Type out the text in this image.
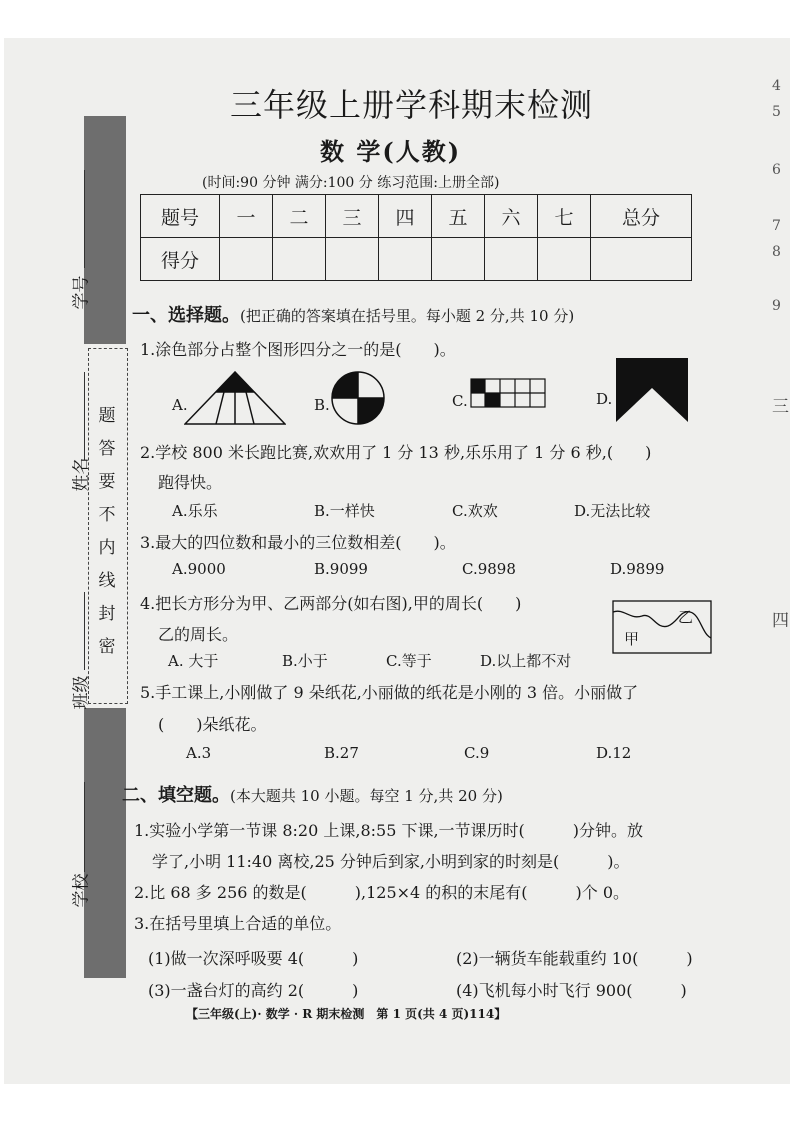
4
5
6
7
8
9
三
四
题
答
要
不
内
线
封
密
学号
姓名
班级
学校
三年级上册学科期末检测
数 学(人教)
(时间:90 分钟 满分:100 分 练习范围:上册全部)
题号	一	二	三	四	五	六	七	总分
得分								
一、选择题。(把正确的答案填在括号里。每小题 2 分,共 10 分)
1.涂色部分占整个图形四分之一的是(　　)。
A.	B.	C.	D.
2.学校 800 米长跑比赛,欢欢用了 1 分 13 秒,乐乐用了 1 分 6 秒,(　　)
跑得快。
A.乐乐	B.一样快	C.欢欢	D.无法比较
3.最大的四位数和最小的三位数相差(　　)。
A.9000	B.9099	C.9898	D.9899
4.把长方形分为甲、乙两部分(如右图),甲的周长(　　)
乙的周长。	甲
乙
A. 大于	B.小于	C.等于	D.以上都不对
5.手工课上,小刚做了 9 朵纸花,小丽做的纸花是小刚的 3 倍。小丽做了
(　　)朵纸花。
A.3	B.27	C.9	D.12
二、填空题。(本大题共 10 小题。每空 1 分,共 20 分)
1.实验小学第一节课 8:20 上课,8:55 下课,一节课历时(　　　)分钟。放
学了,小明 11:40 离校,25 分钟后到家,小明到家的时刻是(　　　)。
2.比 68 多 256 的数是(　　　),125×4 的积的末尾有(　　　)个 0。
3.在括号里填上合适的单位。
(1)做一次深呼吸要 4(　　　)	(2)一辆货车能载重约 10(　　　)
(3)一盏台灯的高约 2(　　　)	(4)飞机每小时飞行 900(　　　)
【三年级(上)· 数学 · R 期末检测　第 1 页(共 4 页)114】
